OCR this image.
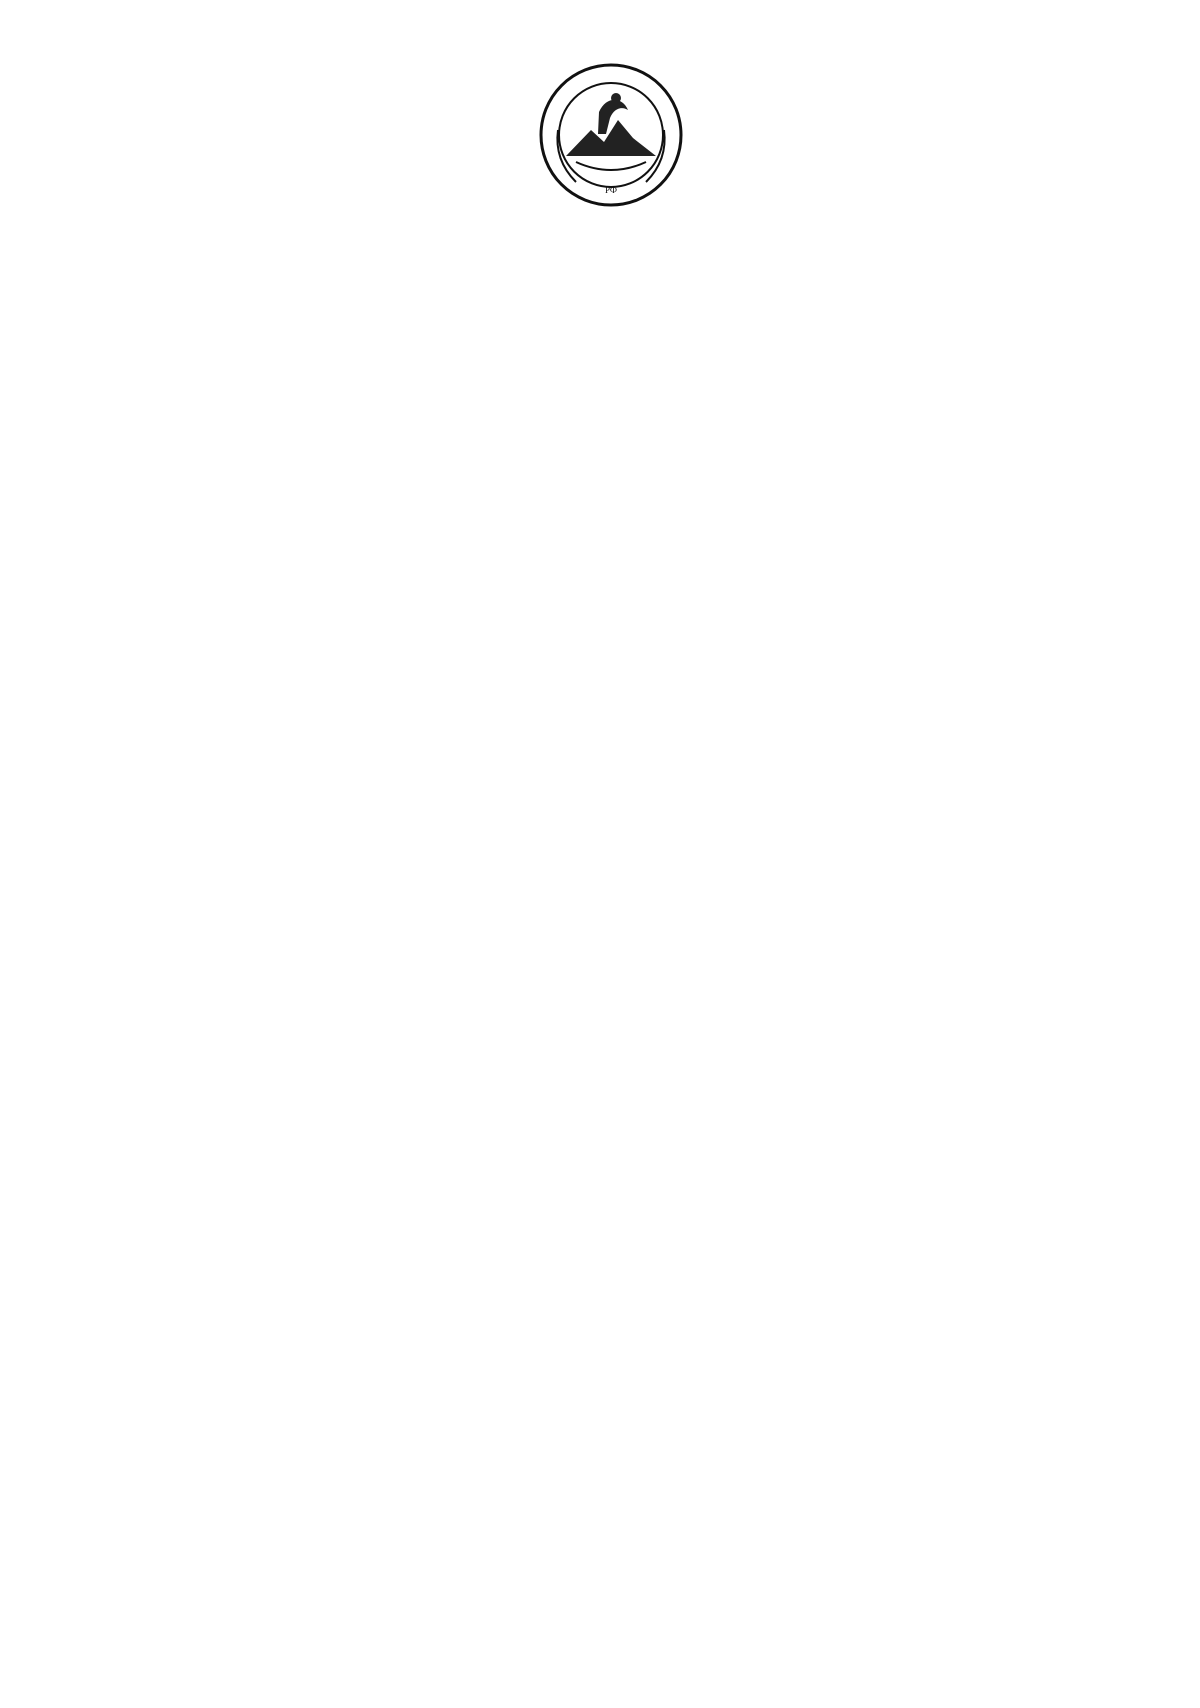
РФ
